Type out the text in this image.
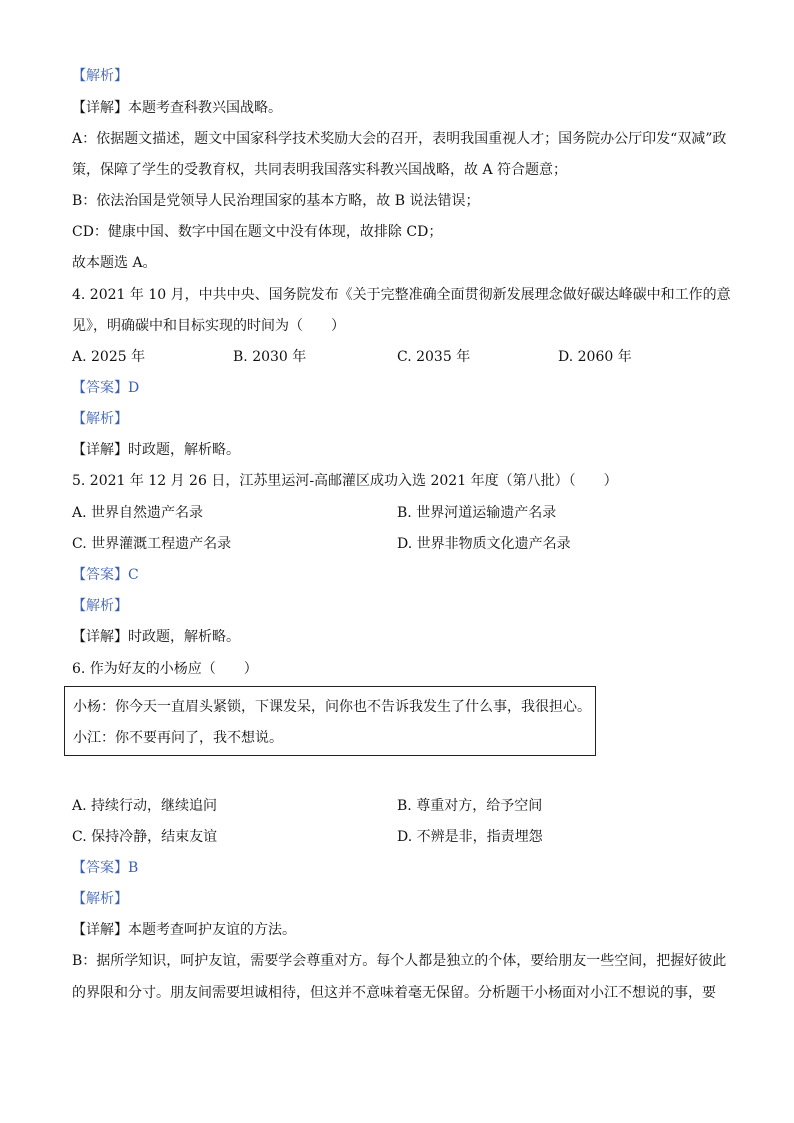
【解析】
【详解】本题考查科教兴国战略。
A：依据题文描述，题文中国家科学技术奖励大会的召开，表明我国重视人才；国务院办公厅印发“双减”政
策，保障了学生的受教育权，共同表明我国落实科教兴国战略，故 A 符合题意；
B：依法治国是党领导人民治理国家的基本方略，故 B 说法错误；
CD：健康中国、数字中国在题文中没有体现，故排除 CD；
故本题选 A。
4. 2021 年 10 月，中共中央、国务院发布《关于完整准确全面贯彻新发展理念做好碳达峰碳中和工作的意
见》，明确碳中和目标实现的时间为（　　）
A. 2025 年	B. 2030 年	C. 2035 年	D. 2060 年
【答案】D
【解析】
【详解】时政题，解析略。
5. 2021 年 12 月 26 日，江苏里运河-高邮灌区成功入选 2021 年度（第八批）（　　）
A. 世界自然遗产名录	B. 世界河道运输遗产名录
C. 世界灌溉工程遗产名录	D. 世界非物质文化遗产名录
【答案】C
【解析】
【详解】时政题，解析略。
6. 作为好友的小杨应（　　）
小杨：你今天一直眉头紧锁，下课发呆，问你也不告诉我发生了什么事，我很担心。
小江：你不要再问了，我不想说。
A. 持续行动，继续追问	B. 尊重对方，给予空间
C. 保持冷静，结束友谊	D. 不辨是非，指责埋怨
【答案】B
【解析】
【详解】本题考查呵护友谊的方法。
B：据所学知识，呵护友谊，需要学会尊重对方。每个人都是独立的个体，要给朋友一些空间，把握好彼此
的界限和分寸。朋友间需要坦诚相待，但这并不意味着毫无保留。分析题干小杨面对小江不想说的事，要
